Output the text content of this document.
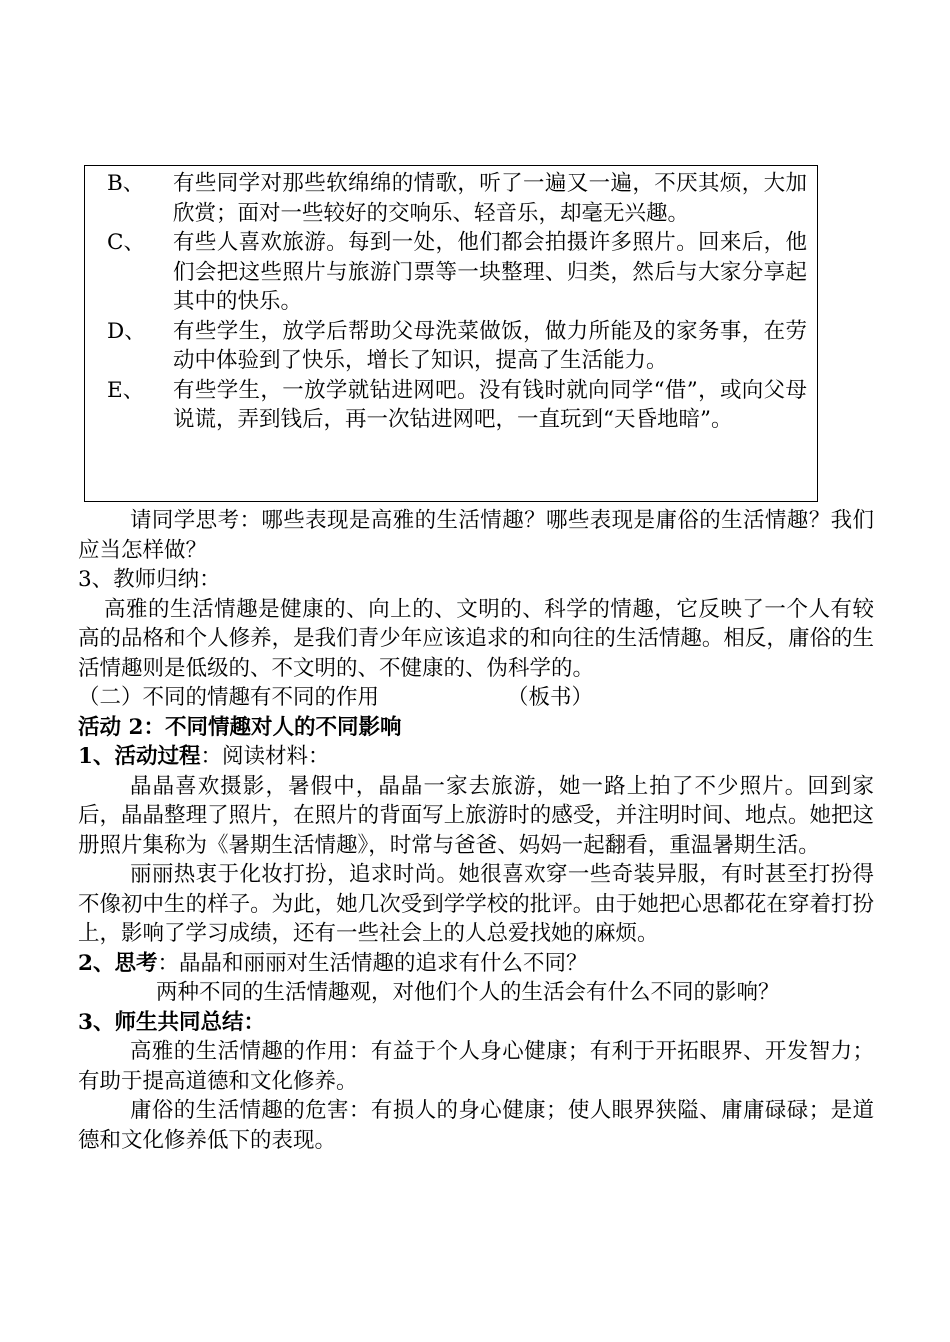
B、	有些同学对那些软绵绵的情歌，听了一遍又一遍，不厌其烦，大加欣赏；面对一些较好的交响乐、轻音乐，却毫无兴趣。
C、	有些人喜欢旅游。每到一处，他们都会拍摄许多照片。回来后，他们会把这些照片与旅游门票等一块整理、归类，然后与大家分享起其中的快乐。
D、	有些学生，放学后帮助父母洗菜做饭，做力所能及的家务事，在劳动中体验到了快乐，增长了知识，提高了生活能力。
E、	有些学生，一放学就钻进网吧。没有钱时就向同学“借”，或向父母说谎，弄到钱后，再一次钻进网吧，一直玩到“天昏地暗”。

请同学思考：哪些表现是高雅的生活情趣？哪些表现是庸俗的生活情趣？我们应当怎样做？

3、教师归纳：

高雅的生活情趣是健康的、向上的、文明的、科学的情趣，它反映了一个人有较高的品格和个人修养，是我们青少年应该追求的和向往的生活情趣。相反，庸俗的生活情趣则是低级的、不文明的、不健康的、伪科学的。

（二）不同的情趣有不同的作用	（板书）

活动 2：不同情趣对人的不同影响

1、活动过程：阅读材料：

晶晶喜欢摄影，暑假中，晶晶一家去旅游，她一路上拍了不少照片。回到家后，晶晶整理了照片，在照片的背面写上旅游时的感受，并注明时间、地点。她把这册照片集称为《暑期生活情趣》，时常与爸爸、妈妈一起翻看，重温暑期生活。

丽丽热衷于化妆打扮，追求时尚。她很喜欢穿一些奇装异服，有时甚至打扮得不像初中生的样子。为此，她几次受到学学校的批评。由于她把心思都花在穿着打扮上，影响了学习成绩，还有一些社会上的人总爱找她的麻烦。

2、思考：晶晶和丽丽对生活情趣的追求有什么不同？

两种不同的生活情趣观，对他们个人的生活会有什么不同的影响？

3、师生共同总结：

高雅的生活情趣的作用：有益于个人身心健康；有利于开拓眼界、开发智力；有助于提高道德和文化修养。

庸俗的生活情趣的危害：有损人的身心健康；使人眼界狭隘、庸庸碌碌；是道德和文化修养低下的表现。
